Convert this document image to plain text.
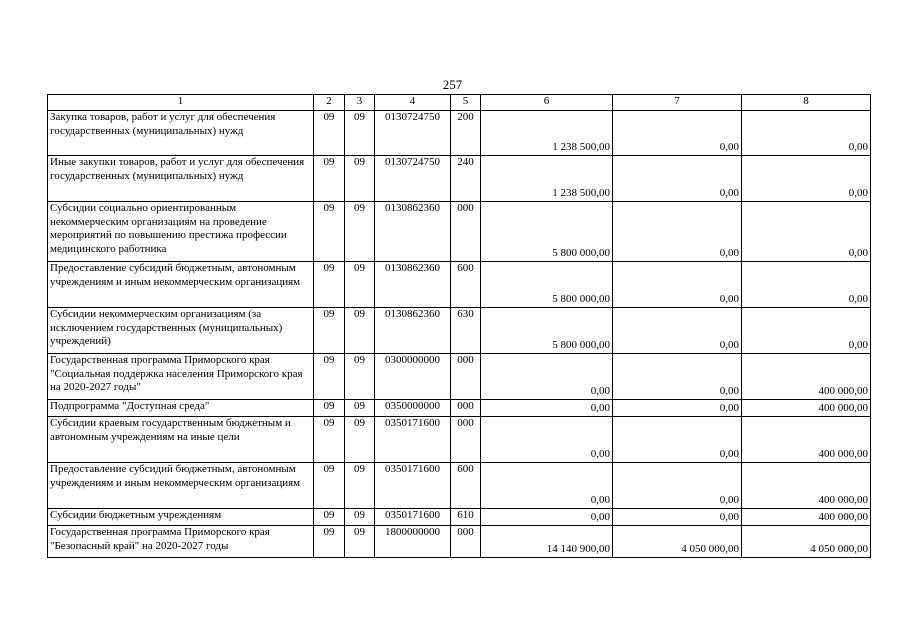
257
1	2	3	4	5	6	7	8
Закупка товаров, работ и услуг для обеспечения государственных (муниципальных) нужд	09	09	0130724750	200	1 238 500,00	0,00	0,00
Иные закупки товаров, работ и услуг для обеспечения государственных (муниципальных) нужд	09	09	0130724750	240	1 238 500,00	0,00	0,00
Субсидии социально ориентированным некоммерческим организациям на проведение мероприятий по повышению престижа профессии медицинского работника	09	09	0130862360	000	5 800 000,00	0,00	0,00
Предоставление субсидий бюджетным, автономным учреждениям и иным некоммерческим организациям	09	09	0130862360	600	5 800 000,00	0,00	0,00
Субсидии некоммерческим организациям (за исключением государственных (муниципальных) учреждений)	09	09	0130862360	630	5 800 000,00	0,00	0,00
Государственная программа Приморского края "Социальная поддержка населения Приморского края на 2020-2027 годы"	09	09	0300000000	000	0,00	0,00	400 000,00
Подпрограмма "Доступная среда"	09	09	0350000000	000	0,00	0,00	400 000,00
Субсидии краевым государственным бюджетным и автономным учреждениям на иные цели	09	09	0350171600	000	0,00	0,00	400 000,00
Предоставление субсидий бюджетным, автономным учреждениям и иным некоммерческим организациям	09	09	0350171600	600	0,00	0,00	400 000,00
Субсидии бюджетным учреждениям	09	09	0350171600	610	0,00	0,00	400 000,00
Государственная программа Приморского края "Безопасный край" на 2020-2027 годы	09	09	1800000000	000	14 140 900,00	4 050 000,00	4 050 000,00
